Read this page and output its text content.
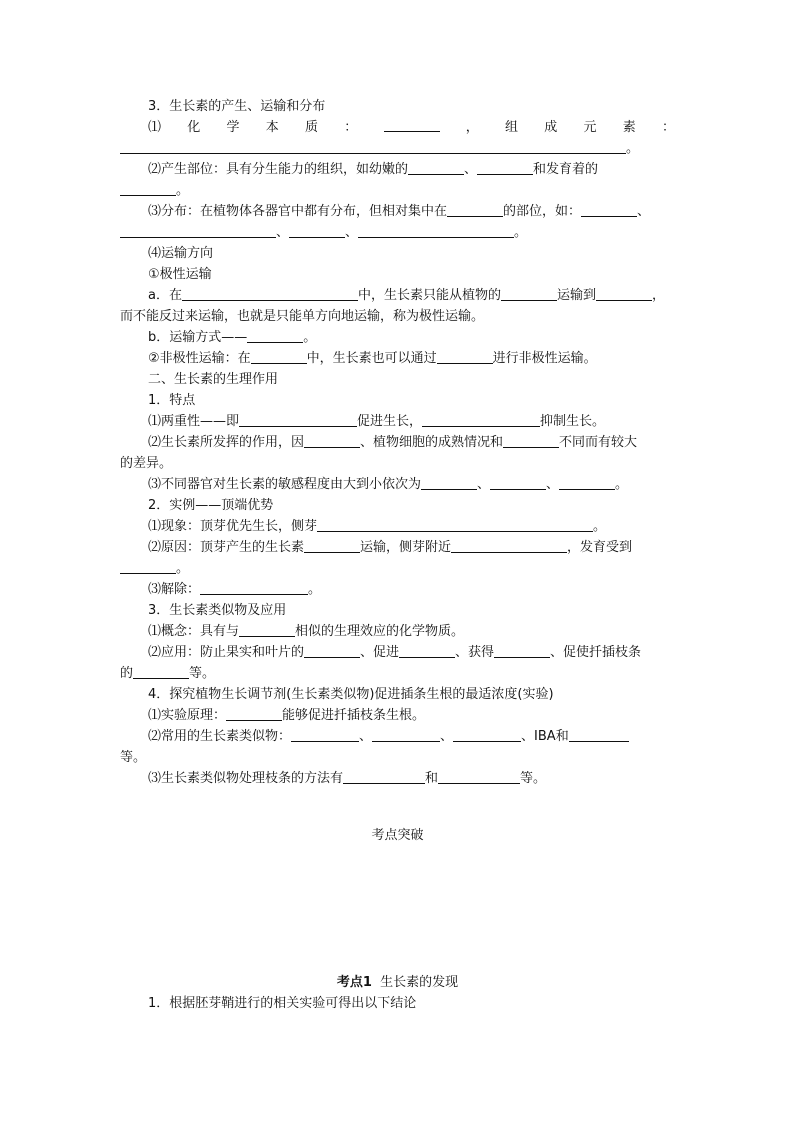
3．生长素的产生、运输和分布
⑴ 化 学 本 质 ：	， 组 成 元 素 ：
。
⑵产生部位：具有分生能力的组织，如幼嫩的	、	和发育着的
。
⑶分布：在植物体各器官中都有分布，但相对集中在	的部位，如：	、
、	、	。
⑷运输方向
①极性运输
a．在	中，生长素只能从植物的	运输到	，
而不能反过来运输，也就是只能单方向地运输，称为极性运输。
b．运输方式——	。
②非极性运输：在	中，生长素也可以通过	进行非极性运输。
二、生长素的生理作用
1．特点
⑴两重性——即	促进生长，	抑制生长。
⑵生长素所发挥的作用，因	、植物细胞的成熟情况和	不同而有较大
的差异。
⑶不同器官对生长素的敏感程度由大到小依次为	、	、	。
2．实例——顶端优势
⑴现象：顶芽优先生长，侧芽	。
⑵原因：顶芽产生的生长素	运输，侧芽附近	，发育受到
。
⑶解除：	。
3．生长素类似物及应用
⑴概念：具有与	相似的生理效应的化学物质。
⑵应用：防止果实和叶片的	、促进	、获得	、促使扦插枝条
的	等。
4．探究植物生长调节剂(生长素类似物)促进插条生根的最适浓度(实验)
⑴实验原理：	能够促进扦插枝条生根。
⑵常用的生长素类似物：	、	、	、IBA和
等。
⑶生长素类似物处理枝条的方法有	和	等。
考点突破
考点1 生长素的发现
1．根据胚芽鞘进行的相关实验可得出以下结论
